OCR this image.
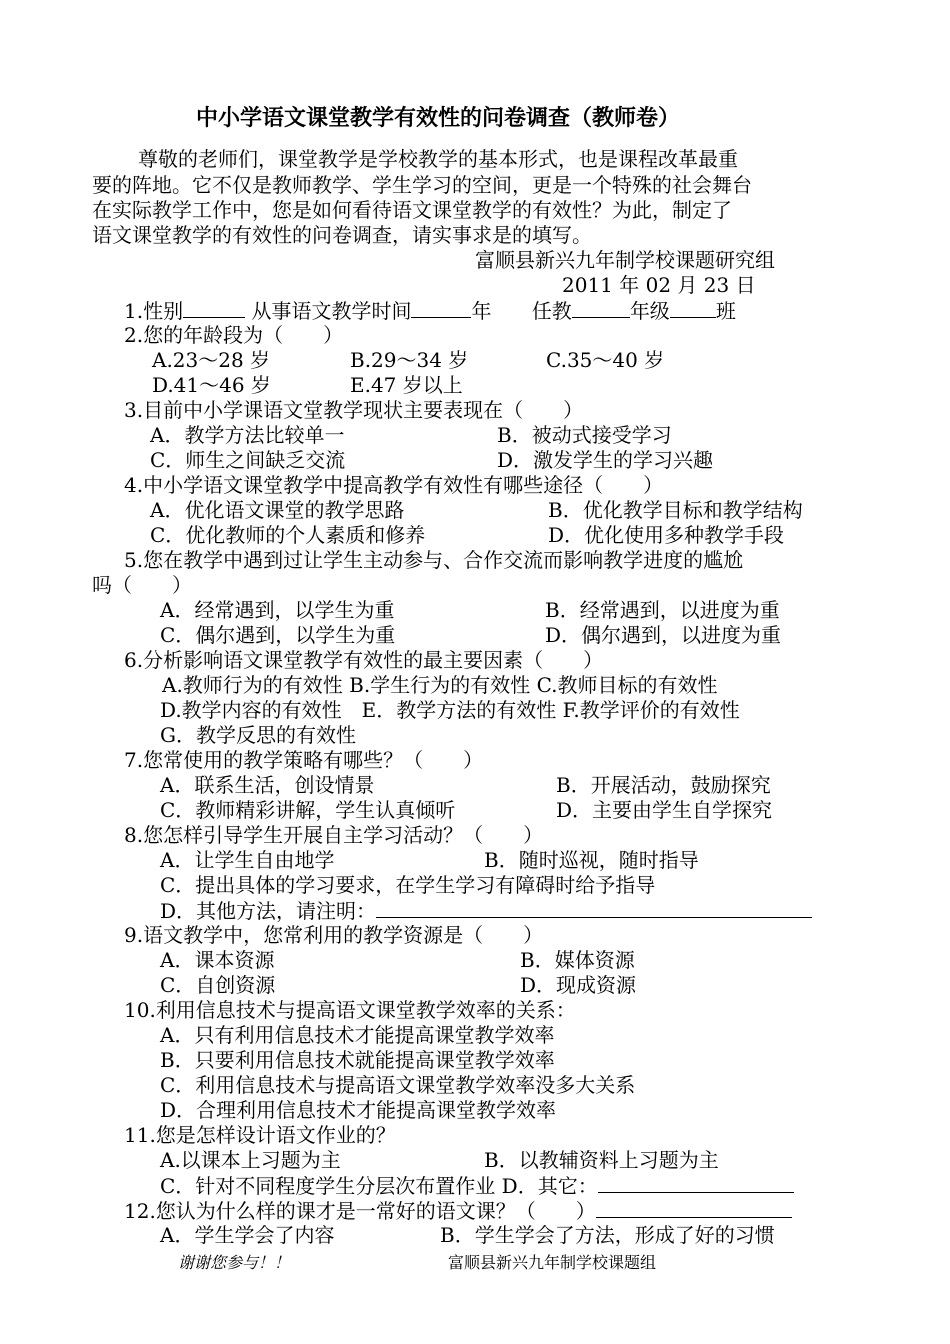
中小学语文课堂教学有效性的问卷调查（教师卷）
尊敬的老师们，课堂教学是学校教学的基本形式，也是课程改革最重
要的阵地。它不仅是教师教学、学生学习的空间，更是一个特殊的社会舞台
在实际教学工作中，您是如何看待语文课堂教学的有效性？为此，制定了
语文课堂教学的有效性的问卷调查，请实事求是的填写。
富顺县新兴九年制学校课题研究组
2011 年 02 月 23 日
1.性别	从事语文教学时间	年 任教	年级 班
2.您的年龄段为（　　）
A.23～28 岁	B.29～34 岁	C.35～40 岁
D.41～46 岁	E.47 岁以上
3.目前中小学课语文堂教学现状主要表现在（　　）
A．教学方法比较单一	B．被动式接受学习
C．师生之间缺乏交流	D．激发学生的学习兴趣
4.中小学语文课堂教学中提高教学有效性有哪些途径（　　）
A．优化语文课堂的教学思路	B．优化教学目标和教学结构
C．优化教师的个人素质和修养	D．优化使用多种教学手段
5.您在教学中遇到过让学生主动参与、合作交流而影响教学进度的尴尬
吗（　　）
A．经常遇到，以学生为重	B．经常遇到，以进度为重
C．偶尔遇到，以学生为重	D．偶尔遇到，以进度为重
6.分析影响语文课堂教学有效性的最主要因素（　　）
A.教师行为的有效性 B.学生行为的有效性 C.教师目标的有效性
D.教学内容的有效性　E．教学方法的有效性 F.教学评价的有效性
G．教学反思的有效性
7.您常使用的教学策略有哪些？（　　）
A．联系生活，创设情景	B．开展活动，鼓励探究
C．教师精彩讲解，学生认真倾听	D．主要由学生自学探究
8.您怎样引导学生开展自主学习活动？（　　）
A．让学生自由地学	B．随时巡视，随时指导
C．提出具体的学习要求，在学生学习有障碍时给予指导
D．其他方法，请注明：
9.语文教学中，您常利用的教学资源是（　　）
A．课本资源	B．媒体资源
C．自创资源	D．现成资源
10.利用信息技术与提高语文课堂教学效率的关系：
A．只有利用信息技术才能提高课堂教学效率
B．只要利用信息技术就能提高课堂教学效率
C．利用信息技术与提高语文课堂教学效率没多大关系
D．合理利用信息技术才能提高课堂教学效率
11.您是怎样设计语文作业的？
A.以课本上习题为主	B．以教辅资料上习题为主
C．针对不同程度学生分层次布置作业 D．其它：
12.您认为什么样的课才是一常好的语文课？（　　）
A．学生学会了内容	B．学生学会了方法，形成了好的习惯
谢谢您参与！！	富顺县新兴九年制学校课题组
